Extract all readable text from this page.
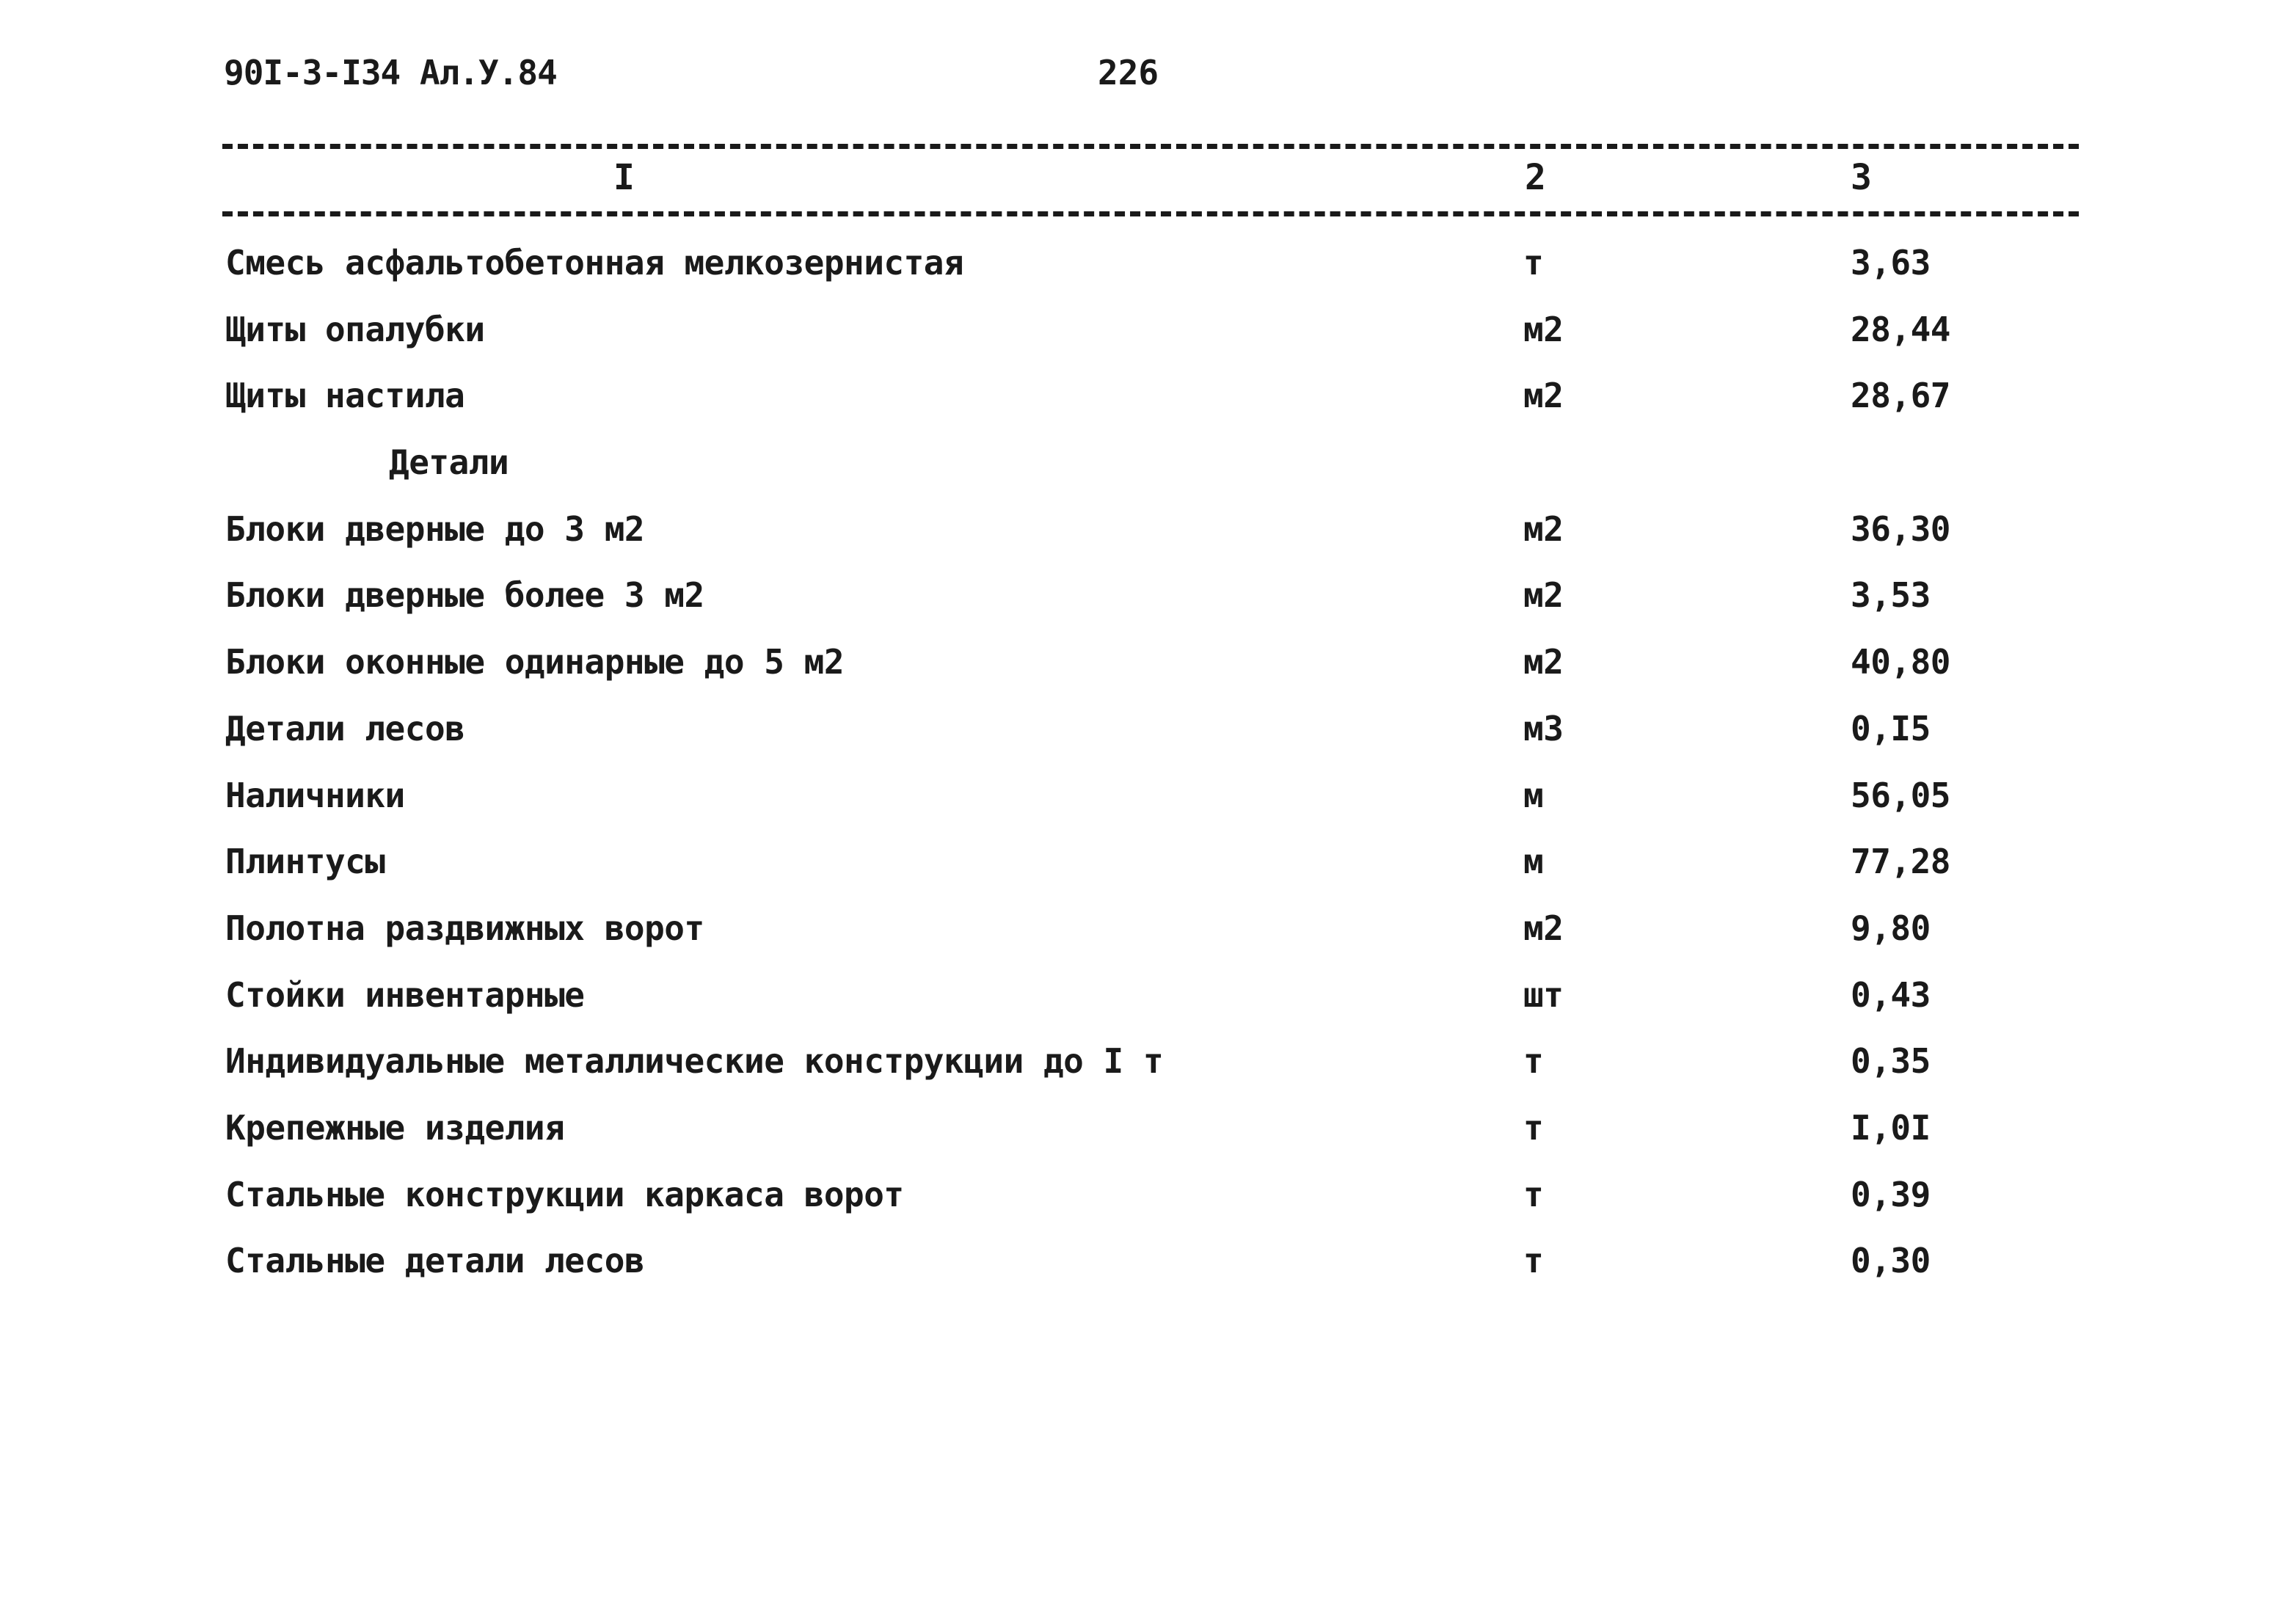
90I-3-I34 Ал.У.84	226
I	2	3
Смесь асфальтобетонная мелкозернистая	т	3,63
Щиты опалубки	м2	28,44
Щиты настила	м2	28,67
Детали
Блоки дверные до 3 м2	м2	36,30
Блоки дверные более 3 м2	м2	3,53
Блоки оконные одинарные до 5 м2	м2	40,80
Детали лесов	м3	0,I5
Наличники	м	56,05
Плинтусы	м	77,28
Полотна раздвижных ворот	м2	9,80
Стойки инвентарные	шт	0,43
Индивидуальные металлические конструкции до I т	т	0,35
Крепежные изделия	т	I,0I
Стальные конструкции каркаса ворот	т	0,39
Стальные детали лесов	т	0,30
